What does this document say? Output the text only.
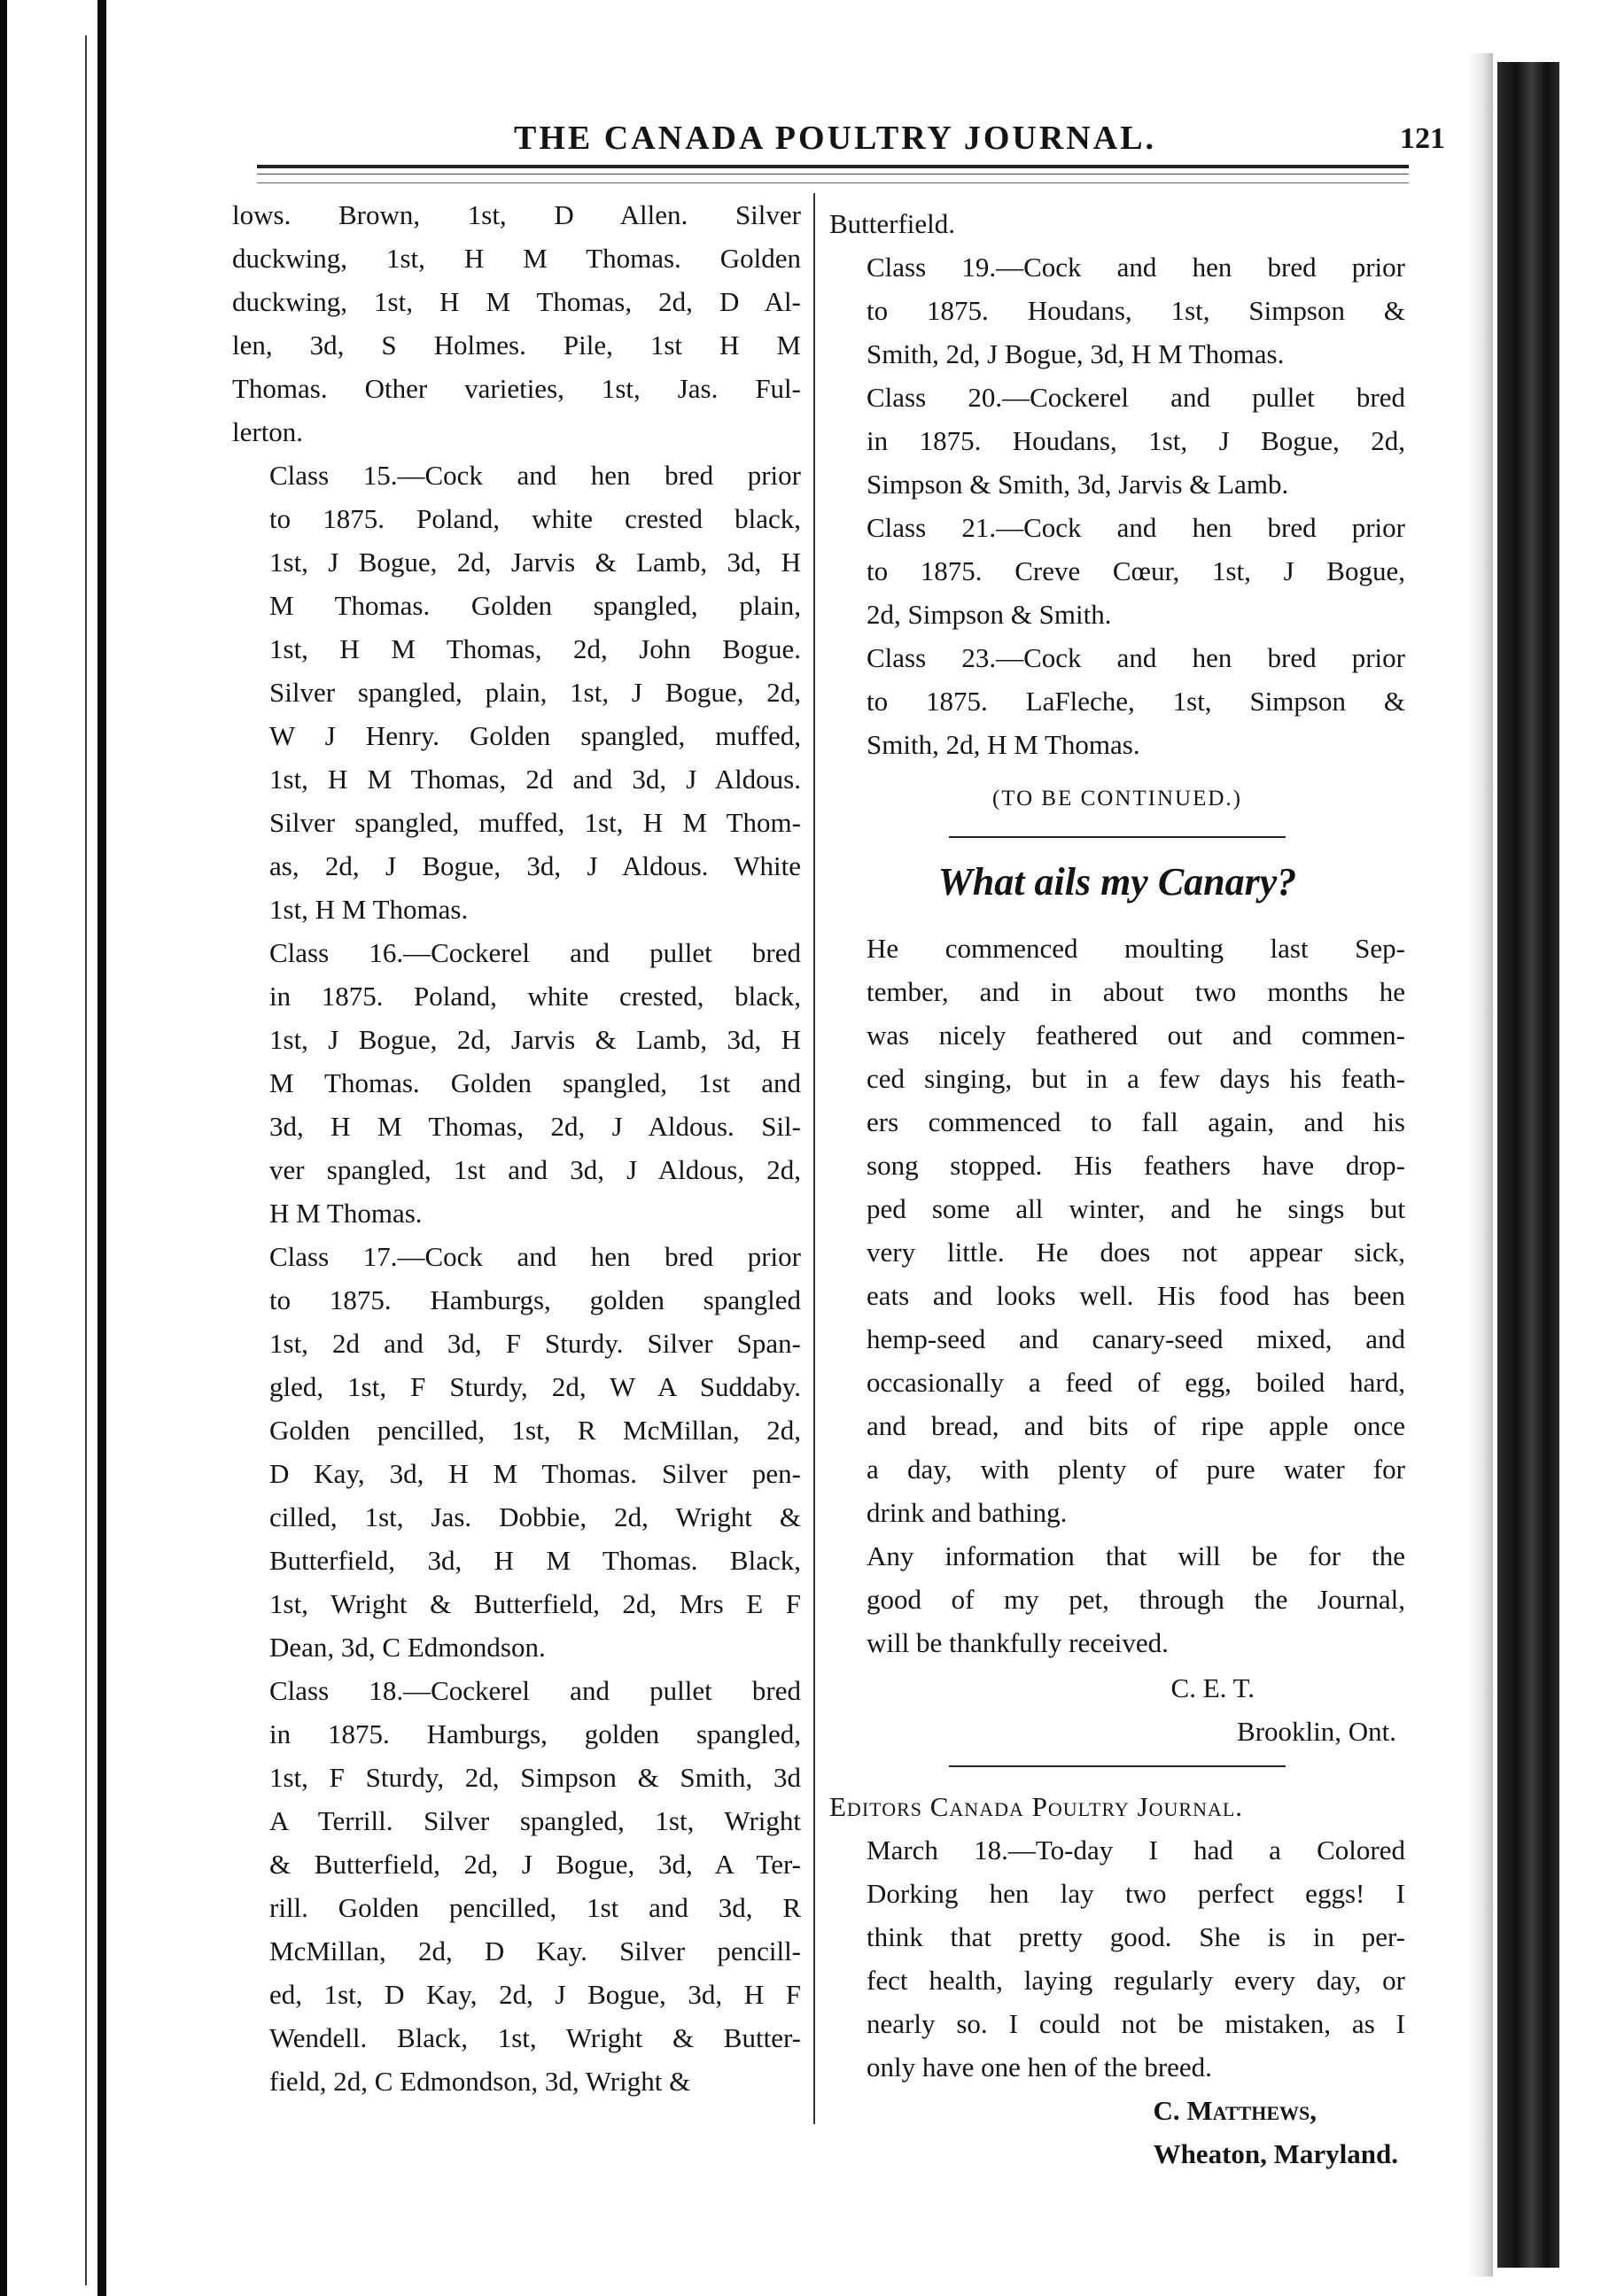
THE CANADA POULTRY JOURNAL.	121
lows. Brown, 1st, D Allen. Silver
duckwing, 1st, H M Thomas. Golden
duckwing, 1st, H M Thomas, 2d, D Al-
len, 3d, S Holmes. Pile, 1st H M
Thomas. Other varieties, 1st, Jas. Ful-
lerton.
Class 15.—Cock and hen bred prior
to 1875. Poland, white crested black,
1st, J Bogue, 2d, Jarvis & Lamb, 3d, H
M Thomas. Golden spangled, plain,
1st, H M Thomas, 2d, John Bogue.
Silver spangled, plain, 1st, J Bogue, 2d,
W J Henry. Golden spangled, muffed,
1st, H M Thomas, 2d and 3d, J Aldous.
Silver spangled, muffed, 1st, H M Thom-
as, 2d, J Bogue, 3d, J Aldous. White
1st, H M Thomas.
Class 16.—Cockerel and pullet bred
in 1875. Poland, white crested, black,
1st, J Bogue, 2d, Jarvis & Lamb, 3d, H
M Thomas. Golden spangled, 1st and
3d, H M Thomas, 2d, J Aldous. Sil-
ver spangled, 1st and 3d, J Aldous, 2d,
H M Thomas.
Class 17.—Cock and hen bred prior
to 1875. Hamburgs, golden spangled
1st, 2d and 3d, F Sturdy. Silver Span-
gled, 1st, F Sturdy, 2d, W A Suddaby.
Golden pencilled, 1st, R McMillan, 2d,
D Kay, 3d, H M Thomas. Silver pen-
cilled, 1st, Jas. Dobbie, 2d, Wright &
Butterfield, 3d, H M Thomas. Black,
1st, Wright & Butterfield, 2d, Mrs E F
Dean, 3d, C Edmondson.
Class 18.—Cockerel and pullet bred
in 1875. Hamburgs, golden spangled,
1st, F Sturdy, 2d, Simpson & Smith, 3d
A Terrill. Silver spangled, 1st, Wright
& Butterfield, 2d, J Bogue, 3d, A Ter-
rill. Golden pencilled, 1st and 3d, R
McMillan, 2d, D Kay. Silver pencill-
ed, 1st, D Kay, 2d, J Bogue, 3d, H F
Wendell. Black, 1st, Wright & Butter-
field, 2d, C Edmondson, 3d, Wright &
Butterfield.
Class 19.—Cock and hen bred prior
to 1875. Houdans, 1st, Simpson &
Smith, 2d, J Bogue, 3d, H M Thomas.
Class 20.—Cockerel and pullet bred
in 1875. Houdans, 1st, J Bogue, 2d,
Simpson & Smith, 3d, Jarvis & Lamb.
Class 21.—Cock and hen bred prior
to 1875. Creve Cœur, 1st, J Bogue,
2d, Simpson & Smith.
Class 23.—Cock and hen bred prior
to 1875. LaFleche, 1st, Simpson &
Smith, 2d, H M Thomas.
(TO BE CONTINUED.)
What ails my Canary?
He commenced moulting last Sep-
tember, and in about two months he
was nicely feathered out and commen-
ced singing, but in a few days his feath-
ers commenced to fall again, and his
song stopped. His feathers have drop-
ped some all winter, and he sings but
very little. He does not appear sick,
eats and looks well. His food has been
hemp-seed and canary-seed mixed, and
occasionally a feed of egg, boiled hard,
and bread, and bits of ripe apple once
a day, with plenty of pure water for
drink and bathing.
Any information that will be for the
good of my pet, through the Journal,
will be thankfully received.
C. E. T.
Brooklin, Ont.
Editors Canada Poultry Journal.
March 18.—To-day I had a Colored
Dorking hen lay two perfect eggs! I
think that pretty good. She is in per-
fect health, laying regularly every day, or
nearly so. I could not be mistaken, as I
only have one hen of the breed.
C. Matthews,
Wheaton, Maryland.
